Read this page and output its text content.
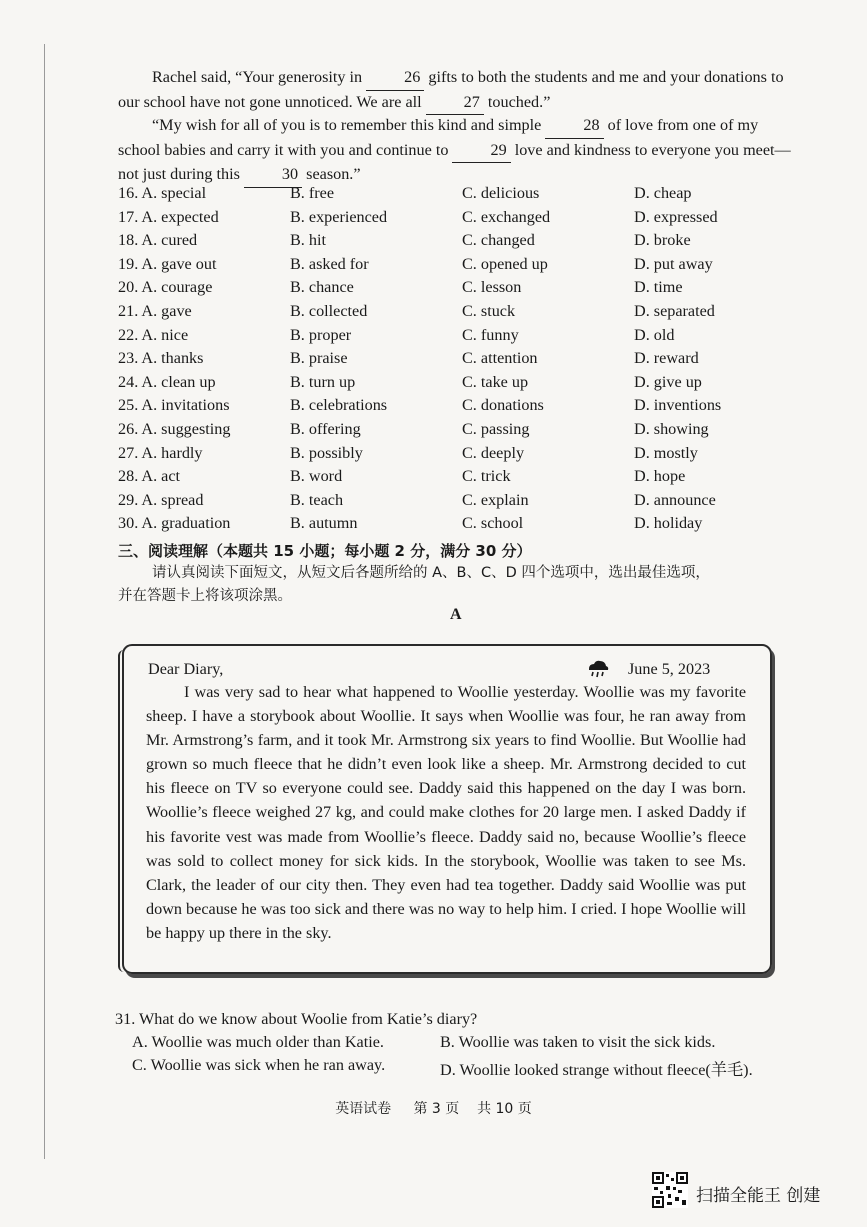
Rachel said, “Your generosity in	26 gifts to both the students and me and your donations to our school have not gone unnoticed. We are all	27 touched.”

“My wish for all of you is to remember this kind and simple	28 of love from one of my school babies and carry it with you and continue to	29 love and kindness to everyone you meet—not just during this	30 season.”

16. A. special	B. free	C. delicious	D. cheap
17. A. expected	B. experienced	C. exchanged	D. expressed
18. A. cured	B. hit	C. changed	D. broke
19. A. gave out	B. asked for	C. opened up	D. put away
20. A. courage	B. chance	C. lesson	D. time
21. A. gave	B. collected	C. stuck	D. separated
22. A. nice	B. proper	C. funny	D. old
23. A. thanks	B. praise	C. attention	D. reward
24. A. clean up	B. turn up	C. take up	D. give up
25. A. invitations	B. celebrations	C. donations	D. inventions
26. A. suggesting	B. offering	C. passing	D. showing
27. A. hardly	B. possibly	C. deeply	D. mostly
28. A. act	B. word	C. trick	D. hope
29. A. spread	B. teach	C. explain	D. announce
30. A. graduation	B. autumn	C. school	D. holiday
三、阅读理解（本题共 15 小题；每小题 2 分，满分 30 分）

请认真阅读下面短文，从短文后各题所给的 A、B、C、D 四个选项中，选出最佳选项，
并在答题卡上将该项涂黑。

A
Dear Diary,	June 5, 2023

I was very sad to hear what happened to Woollie yesterday. Woollie was my favorite sheep. I have a storybook about Woollie. It says when Woollie was four, he ran away from Mr. Armstrong’s farm, and it took Mr. Armstrong six years to find Woollie. But Woollie had grown so much fleece that he didn’t even look like a sheep. Mr. Armstrong decided to cut his fleece on TV so everyone could see. Daddy said this happened on the day I was born. Woollie’s fleece weighed 27 kg, and could make clothes for 20 large men. I asked Daddy if his favorite vest was made from Woollie’s fleece. Daddy said no, because Woollie’s fleece was sold to collect money for sick kids. In the storybook, Woollie was taken to see Ms. Clark, the leader of our city then. They even had tea together. Daddy said Woollie was put down because he was too sick and there was no way to help him. I cried. I hope Woollie will be happy up there in the sky.

31. What do we know about Woolie from Katie’s diary?
A. Woollie was much older than Katie.	B. Woollie was taken to visit the sick kids.
C. Woollie was sick when he ran away.	D. Woollie looked strange without fleece(羊毛).
英语试卷 第 3 页 共 10 页
扫描全能王 创建
